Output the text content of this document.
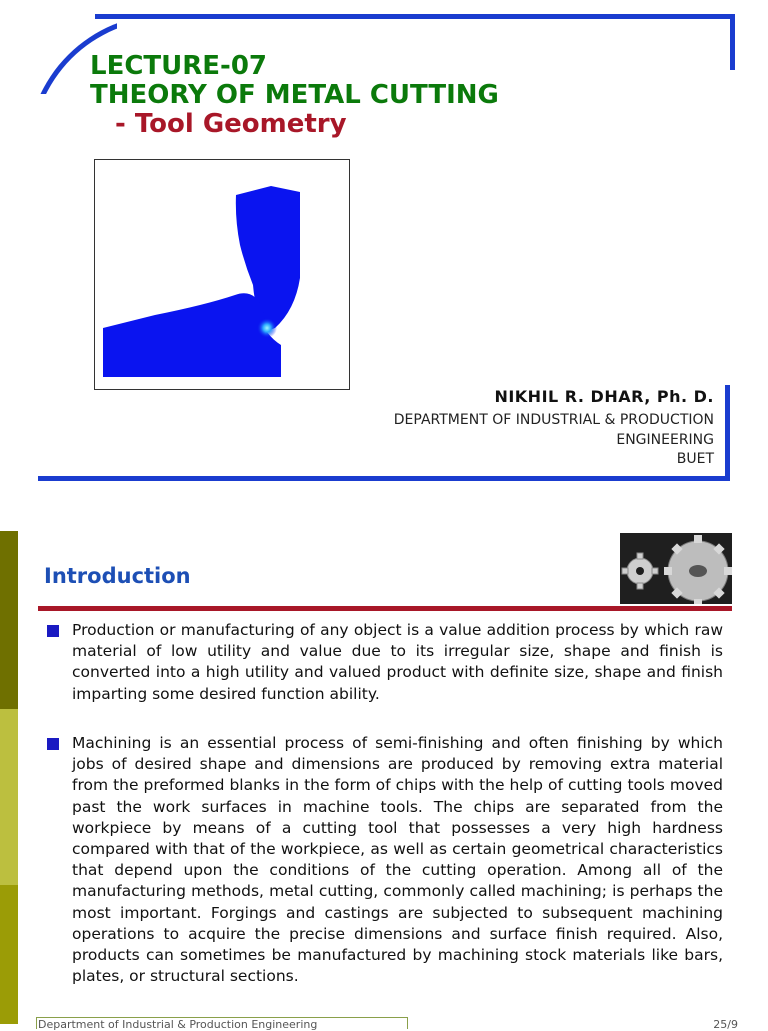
LECTURE-07
THEORY OF METAL CUTTING
- Tool Geometry
NIKHIL R. DHAR, Ph. D.
DEPARTMENT OF INDUSTRIAL & PRODUCTION
ENGINEERING
BUET
Introduction
Production or manufacturing of any object is a value addition process by which raw material of low utility and value due to its irregular size, shape and finish is converted into a high utility and valued product with definite size, shape and finish imparting some desired function ability.
Machining is an essential process of semi-finishing and often finishing by which jobs of desired shape and dimensions are produced by removing extra material from the preformed blanks in the form of chips with the help of cutting tools moved past the work surfaces in machine tools. The chips are separated from the workpiece by means of a cutting tool that possesses a very high hardness compared with that of the workpiece, as well as certain geometrical characteristics that depend upon the conditions of the cutting operation. Among all of the manufacturing methods, metal cutting, commonly called machining; is perhaps the most important. Forgings and castings are subjected to subsequent machining operations to acquire the precise dimensions and surface finish required. Also, products can sometimes be manufactured by machining stock materials like bars, plates, or structural sections.
Department of Industrial & Production Engineering	25/9
